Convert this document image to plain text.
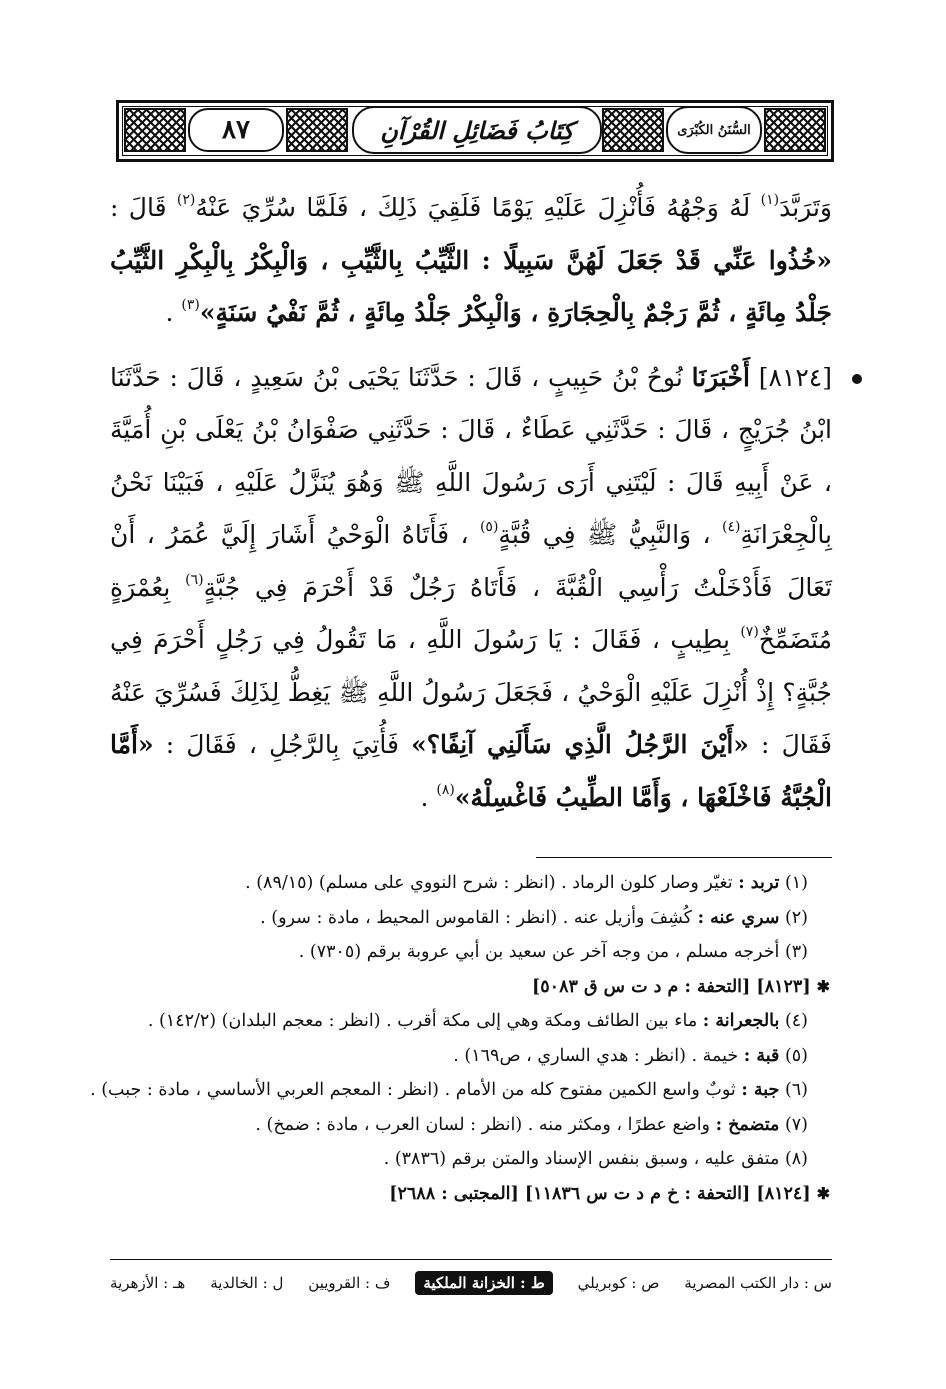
٨٧	كِتَابُ فَضَائِلِ القُرْآنِ	السُّنَنُ الكُبْرَى

وَتَرَبَّدَ$^{(١)}$ لَهُ وَجْهُهُ فَأُنْزِلَ عَلَيْهِ يَوْمًا فَلَقِيَ ذَلِكَ ، فَلَمَّا سُرِّيَ عَنْهُ$^{(٢)}$ قَالَ : «خُذُوا عَنِّي قَدْ جَعَلَ لَهُنَّ سَبِيلًا : الثَّيِّبُ بِالثَّيِّبِ ، وَالْبِكْرُ بِالْبِكْرِ الثَّيِّبُ جَلْدُ مِائَةٍ ، ثُمَّ رَجْمٌ بِالْحِجَارَةِ ، وَالْبِكْرُ جَلْدُ مِائَةٍ ، ثُمَّ نَفْيُ سَنَةٍ»$^{(٣)}$ .

[٨١٢٤] أَخْبَرَنَا نُوحُ بْنُ حَبِيبٍ ، قَالَ : حَدَّثَنَا يَحْيَى بْنُ سَعِيدٍ ، قَالَ : حَدَّثَنَا ابْنُ جُرَيْجٍ ، قَالَ : حَدَّثَنِي عَطَاءٌ ، قَالَ : حَدَّثَنِي صَفْوَانُ بْنُ يَعْلَى بْنِ أُمَيَّةَ ، عَنْ أَبِيهِ قَالَ : لَيْتَنِي أَرَى رَسُولَ اللَّهِ ﷺ وَهُوَ يُنَزَّلُ عَلَيْهِ ، فَبَيْنَا نَحْنُ بِالْجِعْرَانَةِ$^{(٤)}$ ، وَالنَّبِيُّ ﷺ فِي قُبَّةٍ$^{(٥)}$ ، فَأَتَاهُ الْوَحْيُ أَشَارَ إِلَيَّ عُمَرُ ، أَنْ تَعَالَ فَأَدْخَلْتُ رَأْسِي الْقُبَّةَ ، فَأَتَاهُ رَجُلٌ قَدْ أَحْرَمَ فِي جُبَّةٍ$^{(٦)}$ بِعُمْرَةٍ مُتَضَمِّخٌ$^{(٧)}$ بِطِيبٍ ، فَقَالَ : يَا رَسُولَ اللَّهِ ، مَا تَقُولُ فِي رَجُلٍ أَحْرَمَ فِي جُبَّةٍ؟ إِذْ أُنْزِلَ عَلَيْهِ الْوَحْيُ ، فَجَعَلَ رَسُولُ اللَّهِ ﷺ يَغِطُّ لِذَلِكَ فَسُرِّيَ عَنْهُ فَقَالَ : «أَيْنَ الرَّجُلُ الَّذِي سَأَلَنِي آنِفًا؟» فَأُتِيَ بِالرَّجُلِ ، فَقَالَ : «أَمَّا الْجُبَّةُ فَاخْلَعْهَا ، وَأَمَّا الطِّيبُ فَاغْسِلْهُ»$^{(٨)}$ .

(١) تربد : تغيّر وصار كلون الرماد . (انظر : شرح النووي على مسلم) (٨٩/١٥) .

(٢) سري عنه : كُشِفَ وأزيل عنه . (انظر : القاموس المحيط ، مادة : سرو) .

(٣) أخرجه مسلم ، من وجه آخر عن سعيد بن أبي عروبة برقم (٧٣٠٥) .

✱[٨١٢٣] [التحفة : م د ت س ق ٥٠٨٣]

(٤) بالجعرانة : ماء بين الطائف ومكة وهي إلى مكة أقرب . (انظر : معجم البلدان) (١٤٢/٢) .

(٥) قبة : خيمة . (انظر : هدي الساري ، ص١٦٩) .

(٦) جبة : ثوبٌ واسع الكمين مفتوح كله من الأمام . (انظر : المعجم العربي الأساسي ، مادة : جبب) .

(٧) متضمخ : واضع عطرًا ، ومكثر منه . (انظر : لسان العرب ، مادة : ضمخ) .

(٨) متفق عليه ، وسبق بنفس الإسناد والمتن برقم (٣٨٣٦) .

✱[٨١٢٤] [التحفة : خ م د ت س ١١٨٣٦] [المجتبى : ٢٦٨٨]

س : دار الكتب المصرية
ص : كوبريلي
ط : الخزانة الملكية
ف : القرويين
ل : الخالدية
هـ : الأزهرية
